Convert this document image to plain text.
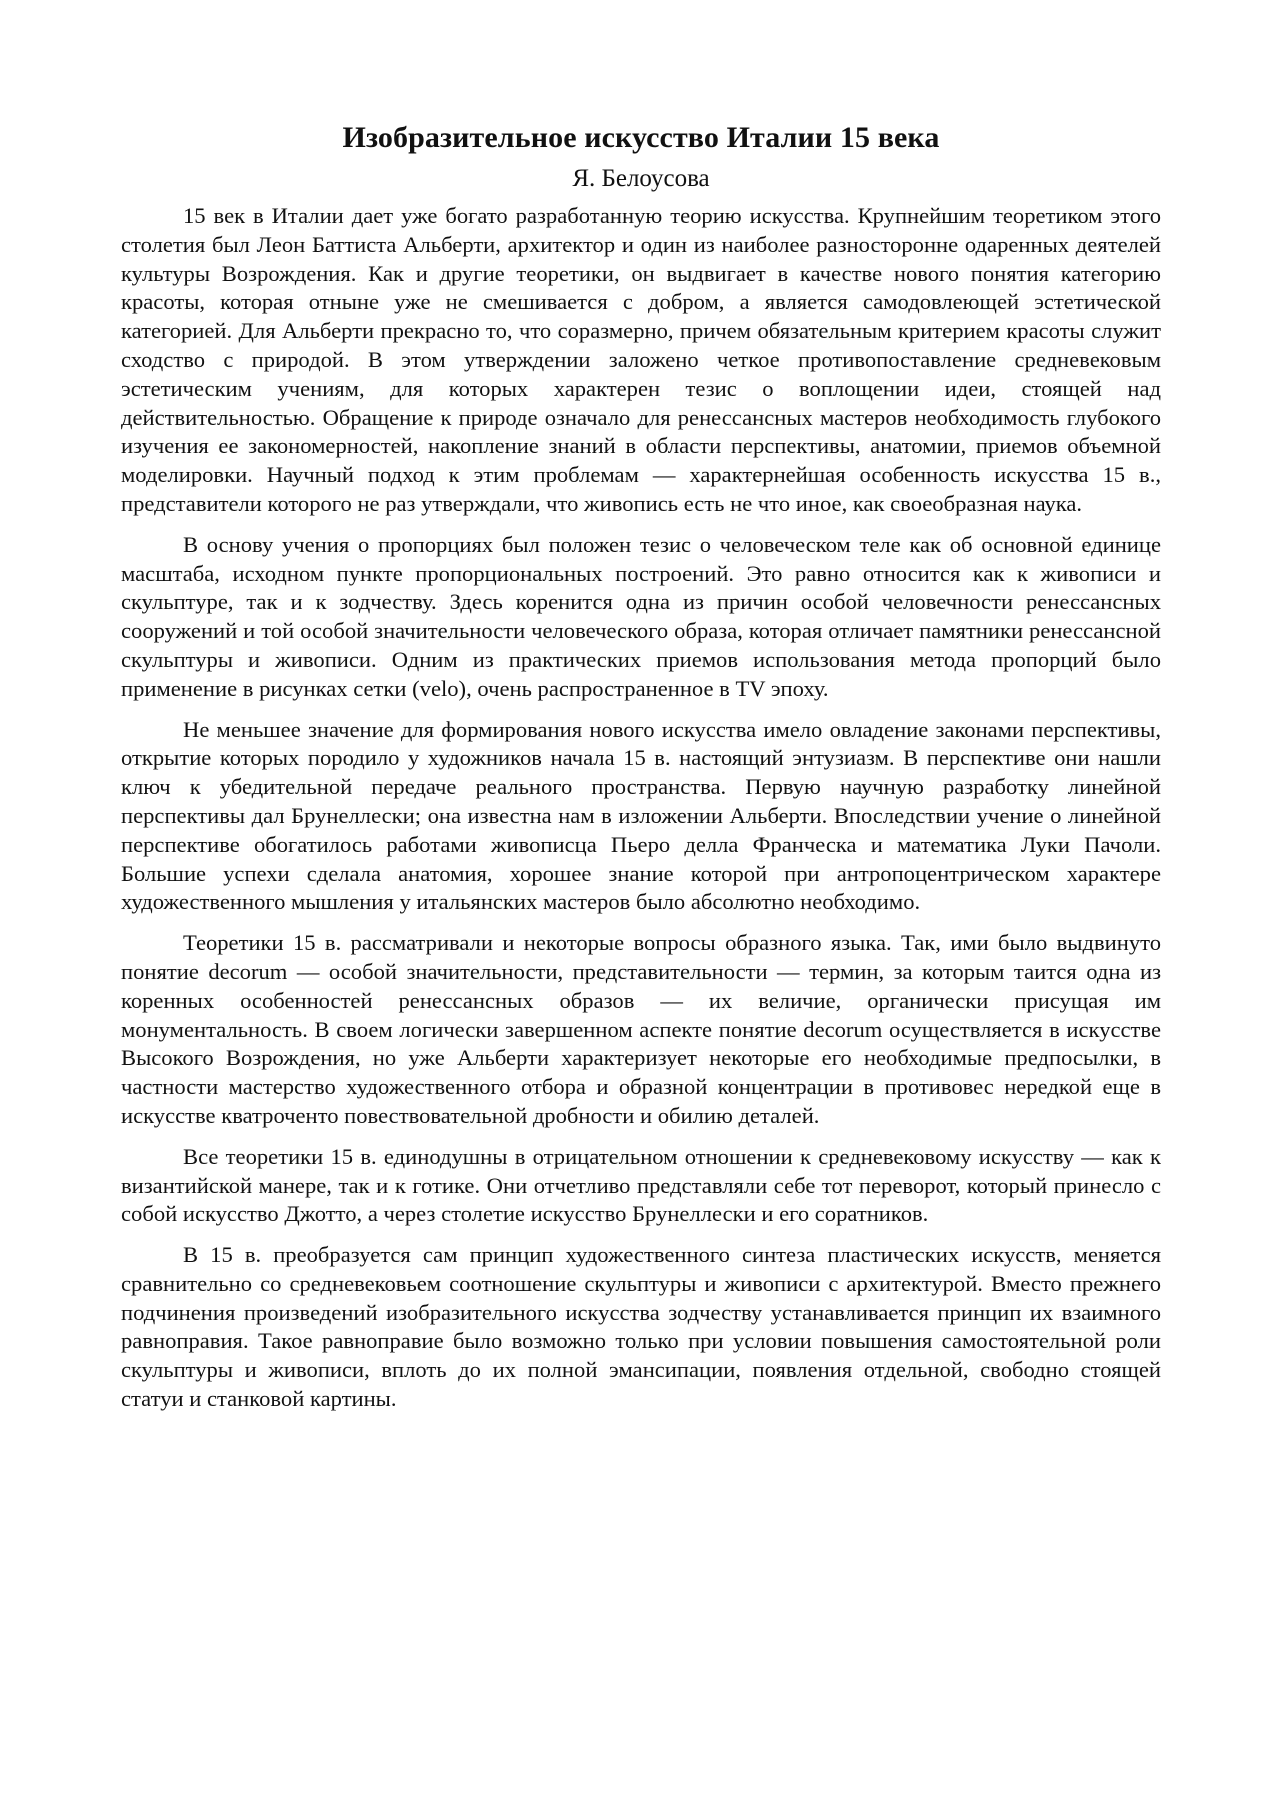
Изобразительное искусство Италии 15 века
Я. Белоусова

15 век в Италии дает уже богато разработанную теорию искусства. Крупнейшим теоретиком этого столетия был Леон Баттиста Альберти, архитектор и один из наиболее разносторонне одаренных деятелей культуры Возрождения. Как и другие теоретики, он выдвигает в качестве нового понятия категорию красоты, которая отныне уже не смешивается с добром, а является самодовлеющей эстетической категорией. Для Альберти прекрасно то, что соразмерно, причем обязательным критерием красоты служит сходство с природой. В этом утверждении заложено четкое противопоставление средневековым эстетическим учениям, для которых характерен тезис о воплощении идеи, стоящей над действительностью. Обращение к природе означало для ренессансных мастеров необходимость глубокого изучения ее закономерностей, накопление знаний в области перспективы, анатомии, приемов объемной моделировки. Научный подход к этим проблемам — характернейшая особенность искусства 15 в., представители которого не раз утверждали, что живопись есть не что иное, как своеобразная наука.

В основу учения о пропорциях был положен тезис о человеческом теле как об основной единице масштаба, исходном пункте пропорциональных построений. Это равно относится как к живописи и скульптуре, так и к зодчеству. Здесь коренится одна из причин особой человечности ренессансных сооружений и той особой значительности человеческого образа, которая отличает памятники ренессансной скульптуры и живописи. Одним из практических приемов использования метода пропорций было применение в рисунках сетки (velo), очень распространенное в TV эпоху.

Не меньшее значение для формирования нового искусства имело овладение законами перспективы, открытие которых породило у художников начала 15 в. настоящий энтузиазм. В перспективе они нашли ключ к убедительной передаче реального пространства. Первую научную разработку линейной перспективы дал Брунеллески; она известна нам в изложении Альберти. Впоследствии учение о линейной перспективе обогатилось работами живописца Пьеро делла Франческа и математика Луки Пачоли. Большие успехи сделала анатомия, хорошее знание которой при антропоцентрическом характере художественного мышления у итальянских мастеров было абсолютно необходимо.

Теоретики 15 в. рассматривали и некоторые вопросы образного языка. Так, ими было выдвинуто понятие decorum — особой значительности, представительности — термин, за которым таится одна из коренных особенностей ренессансных образов — их величие, органически присущая им монументальность. В своем логически завершенном аспекте понятие decorum осуществляется в искусстве Высокого Возрождения, но уже Альберти характеризует некоторые его необходимые предпосылки, в частности мастерство художественного отбора и образной концентрации в противовес нередкой еще в искусстве кватроченто повествовательной дробности и обилию деталей.

Все теоретики 15 в. единодушны в отрицательном отношении к средневековому искусству — как к византийской манере, так и к готике. Они отчетливо представляли себе тот переворот, который принесло с собой искусство Джотто, а через столетие искусство Брунеллески и его соратников.

В 15 в. преобразуется сам принцип художественного синтеза пластических искусств, меняется сравнительно со средневековьем соотношение скульптуры и живописи с архитектурой. Вместо прежнего подчинения произведений изобразительного искусства зодчеству устанавливается принцип их взаимного равноправия. Такое равноправие было возможно только при условии повышения самостоятельной роли скульптуры и живописи, вплоть до их полной эмансипации, появления отдельной, свободно стоящей статуи и станковой картины.
